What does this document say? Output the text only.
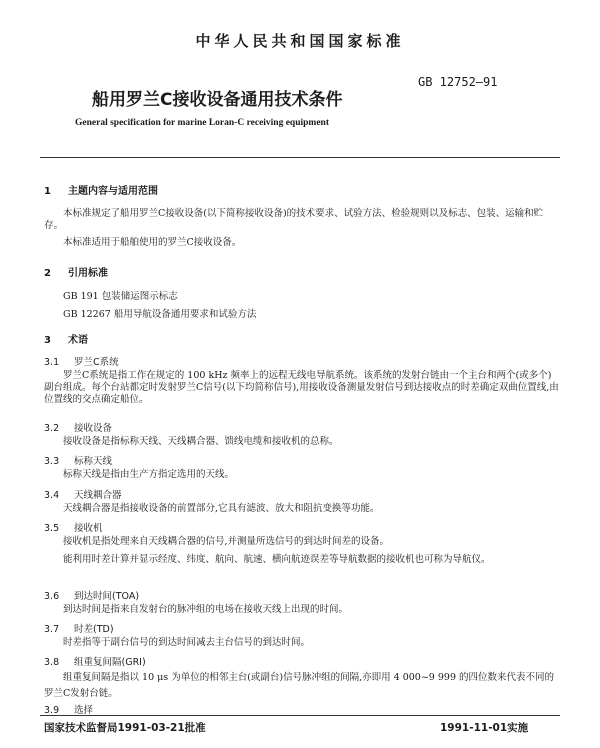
中华人民共和国国家标准
GB 12752—91
船用罗兰C接收设备通用技术条件
General specification for marine Loran-C receiving equipment
1 主题内容与适用范围
本标准规定了船用罗兰C接收设备(以下简称接收设备)的技术要求、试验方法、检验规则以及标志、包装、运输和贮存。
本标准适用于船舶使用的罗兰C接收设备。
2 引用标准
GB 191 包装储运图示标志
GB 12267 船用导航设备通用要求和试验方法
3 术语
3.1 罗兰C系统
罗兰C系统是指工作在规定的 100 kHz 频率上的远程无线电导航系统。该系统的发射台链由一个主台和两个(或多个)副台组成。每个台站都定时发射罗兰C信号(以下均简称信号),用接收设备测量发射信号到达接收点的时差确定双曲位置线,由位置线的交点确定船位。
3.2 接收设备
接收设备是指标称天线、天线耦合器、馈线电缆和接收机的总称。
3.3 标称天线
标称天线是指由生产方指定选用的天线。
3.4 天线耦合器
天线耦合器是指接收设备的前置部分,它具有滤波、放大和阻抗变换等功能。
3.5 接收机
接收机是指处理来自天线耦合器的信号,并测量所选信号的到达时间差的设备。
能利用时差计算并显示经度、纬度、航向、航速、横向航迹误差等导航数据的接收机也可称为导航仪。
3.6 到达时间(TOA)
到达时间是指来自发射台的脉冲组的电场在接收天线上出现的时间。
3.7 时差(TD)
时差指等于副台信号的到达时间减去主台信号的到达时间。
3.8 组重复间隔(GRI)
组重复间隔是指以 10 μs 为单位的相邻主台(或副台)信号脉冲组的间隔,亦即用 4 000~9 999 的四位数来代表不同的罗兰C发射台链。
3.9 选择
国家技术监督局1991-03-21批准	1991-11-01实施
